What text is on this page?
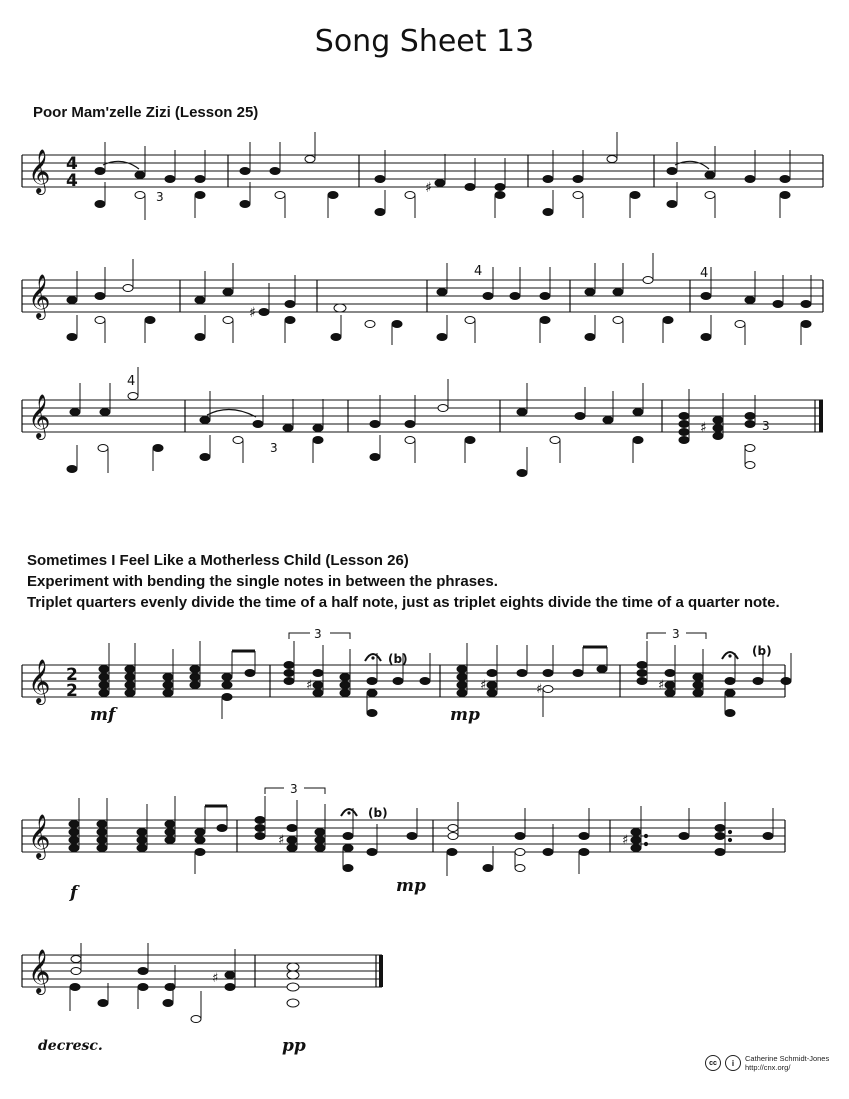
Song Sheet 13
Poor Mam'zelle Zizi (Lesson 25)
𝄞 4
4
3
♯
𝄞	♯
4	4
𝄞
4
3
3
♯
Sometimes I Feel Like a Motherless Child (Lesson 26)
Experiment with bending the single notes in between the phrases.
Triplet quarters evenly divide the time of a half note, just as triplet eights divide the time of a quarter note.
𝄞 2
2
3	3
(b)
(b)
♯	♯	♯	♯
mf	mp
𝄞
3
(b)
♯	♯
f	mp
𝄞	♯
decresc.	pp
cc	i	Catherine Schmidt-Jones
http://cnx.org/
